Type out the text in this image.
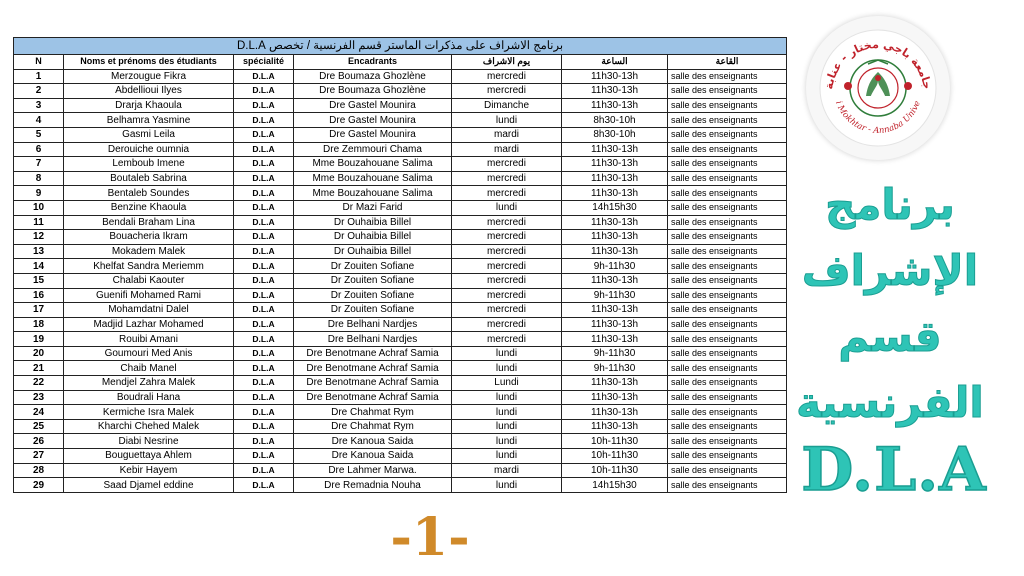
برنامج الاشراف على مذكرات الماستر قسم الفرنسية / تخصص D.L.A						
N	Noms et prénoms des étudiants	spécialité	Encadrants	يوم الاشراف	الساعة	القاعة
1	Merzougue Fikra	D.L.A	Dre Boumaza Ghozlène	mercredi	11h30-13h	salle des enseignants
2	Abdellioui Ilyes	D.L.A	Dre Boumaza Ghozlène	mercredi	11h30-13h	salle des enseignants
3	Drarja Khaoula	D.L.A	Dre Gastel Mounira	Dimanche	11h30-13h	salle des enseignants
4	Belhamra Yasmine	D.L.A	Dre Gastel Mounira	lundi	8h30-10h	salle des enseignants
5	Gasmi Leila	D.L.A	Dre Gastel Mounira	mardi	8h30-10h	salle des enseignants
6	Derouiche oumnia	D.L.A	Dre Zemmouri Chama	mardi	11h30-13h	salle des enseignants
7	Lemboub Imene	D.L.A	Mme Bouzahouane Salima	mercredi	11h30-13h	salle des enseignants
8	Boutaleb Sabrina	D.L.A	Mme Bouzahouane Salima	mercredi	11h30-13h	salle des enseignants
9	Bentaleb Soundes	D.L.A	Mme Bouzahouane Salima	mercredi	11h30-13h	salle des enseignants
10	Benzine Khaoula	D.L.A	Dr Mazi Farid	lundi	14h15h30	salle des enseignants
11	Bendali Braham Lina	D.L.A	Dr Ouhaibia Billel	mercredi	11h30-13h	salle des enseignants
12	Bouacheria Ikram	D.L.A	Dr Ouhaibia Billel	mercredi	11h30-13h	salle des enseignants
13	Mokadem Malek	D.L.A	Dr Ouhaibia Billel	mercredi	11h30-13h	salle des enseignants
14	Khelfat Sandra Meriemm	D.L.A	Dr Zouiten Sofiane	mercredi	9h-11h30	salle des enseignants
15	Chalabi Kaouter	D.L.A	Dr Zouiten Sofiane	mercredi	11h30-13h	salle des enseignants
16	Guenifi Mohamed Rami	D.L.A	Dr Zouiten Sofiane	mercredi	9h-11h30	salle des enseignants
17	Mohamdatni Dalel	D.L.A	Dr Zouiten Sofiane	mercredi	11h30-13h	salle des enseignants
18	Madjid Lazhar Mohamed	D.L.A	Dre Belhani Nardjes	mercredi	11h30-13h	salle des enseignants
19	Rouibi Amani	D.L.A	Dre Belhani Nardjes	mercredi	11h30-13h	salle des enseignants
20	Goumouri Med Anis	D.L.A	Dre Benotmane Achraf Samia	lundi	9h-11h30	salle des enseignants
21	Chaib Manel	D.L.A	Dre Benotmane Achraf Samia	lundi	9h-11h30	salle des enseignants
22	Mendjel Zahra Malek	D.L.A	Dre Benotmane Achraf Samia	Lundi	11h30-13h	salle des enseignants
23	Boudrali Hana	D.L.A	Dre Benotmane Achraf Samia	lundi	11h30-13h	salle des enseignants
24	Kermiche Isra Malek	D.L.A	Dre Chahmat Rym	lundi	11h30-13h	salle des enseignants
25	Kharchi Chehed Malek	D.L.A	Dre Chahmat Rym	lundi	11h30-13h	salle des enseignants
26	Diabi Nesrine	D.L.A	Dre Kanoua Saida	lundi	10h-11h30	salle des enseignants
27	Bouguettaya Ahlem	D.L.A	Dre Kanoua Saida	lundi	10h-11h30	salle des enseignants
28	Kebir Hayem	D.L.A	Dre Lahmer Marwa.	mardi	10h-11h30	salle des enseignants
29	Saad Djamel eddine	D.L.A	Dre Remadnia Nouha	lundi	14h15h30	salle des enseignants
جامعة باجي مختار - عنابة
i Mokhtar - Annaba Unive
برنامج
الإشراف
قسم
الفرنسية
D.L.A
-1-
